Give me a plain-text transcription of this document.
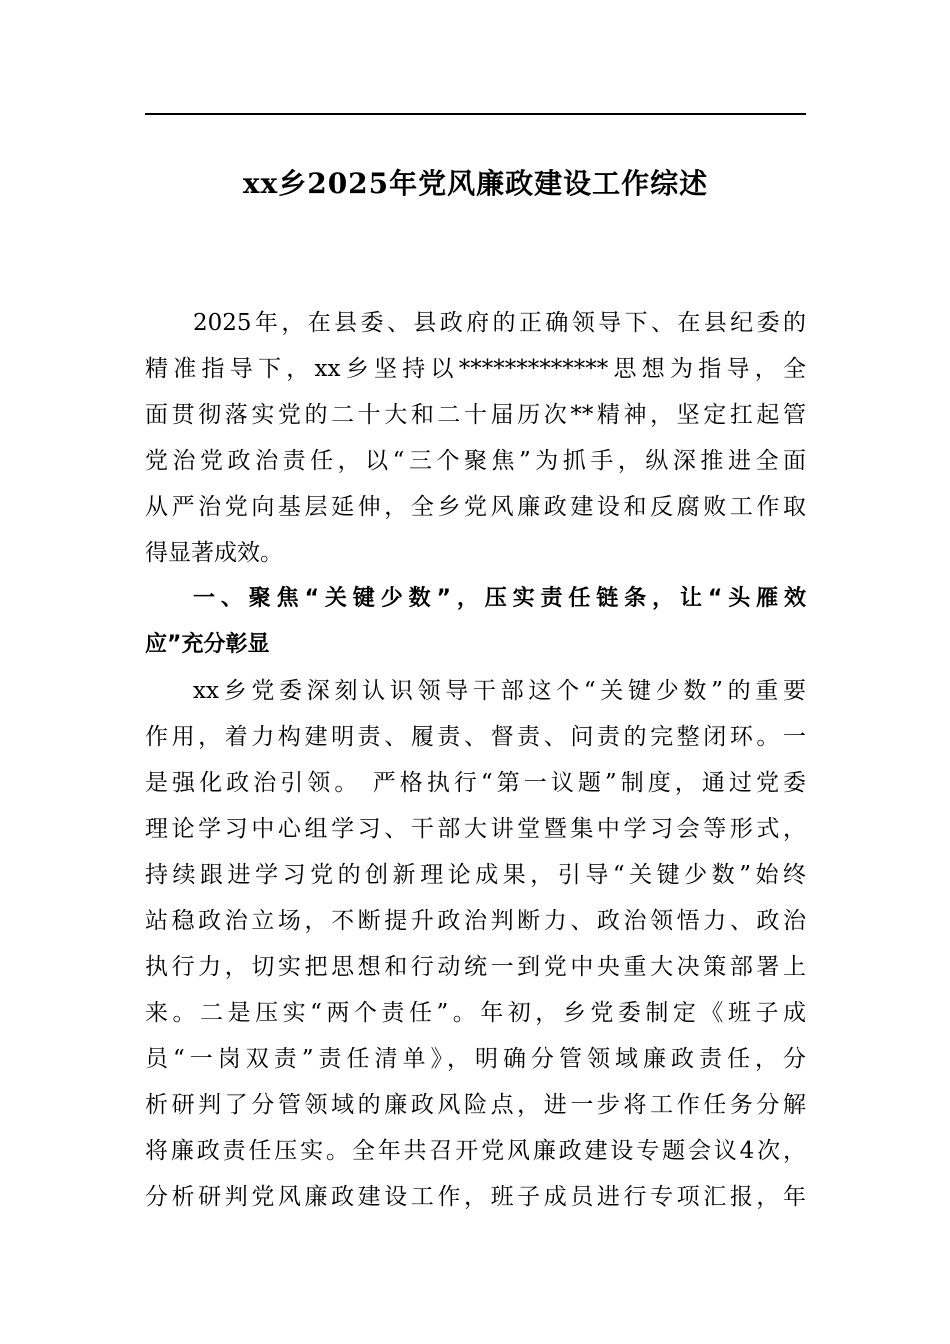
xx乡2025年党风廉政建设工作综述
2025年，在县委、县政府的正确领导下、在县纪委的
精准指导下，xx乡坚持以*************思想为指导，全
面贯彻落实党的二十大和二十届历次**精神，坚定扛起管
党治党政治责任，以“三个聚焦”为抓手，纵深推进全面
从严治党向基层延伸，全乡党风廉政建设和反腐败工作取
得显著成效。
一、聚焦“关键少数”，压实责任链条，让“头雁效
应”充分彰显
xx乡党委深刻认识领导干部这个“关键少数”的重要
作用，着力构建明责、履责、督责、问责的完整闭环。一
是强化政治引领。 严格执行“第一议题”制度，通过党委
理论学习中心组学习、干部大讲堂暨集中学习会等形式，
持续跟进学习党的创新理论成果，引导“关键少数”始终
站稳政治立场，不断提升政治判断力、政治领悟力、政治
执行力，切实把思想和行动统一到党中央重大决策部署上
来。二是压实“两个责任”。年初，乡党委制定《班子成
员“一岗双责”责任清单》，明确分管领域廉政责任，分
析研判了分管领域的廉政风险点，进一步将工作任务分解
将廉政责任压实。全年共召开党风廉政建设专题会议4次，
分析研判党风廉政建设工作，班子成员进行专项汇报，年
